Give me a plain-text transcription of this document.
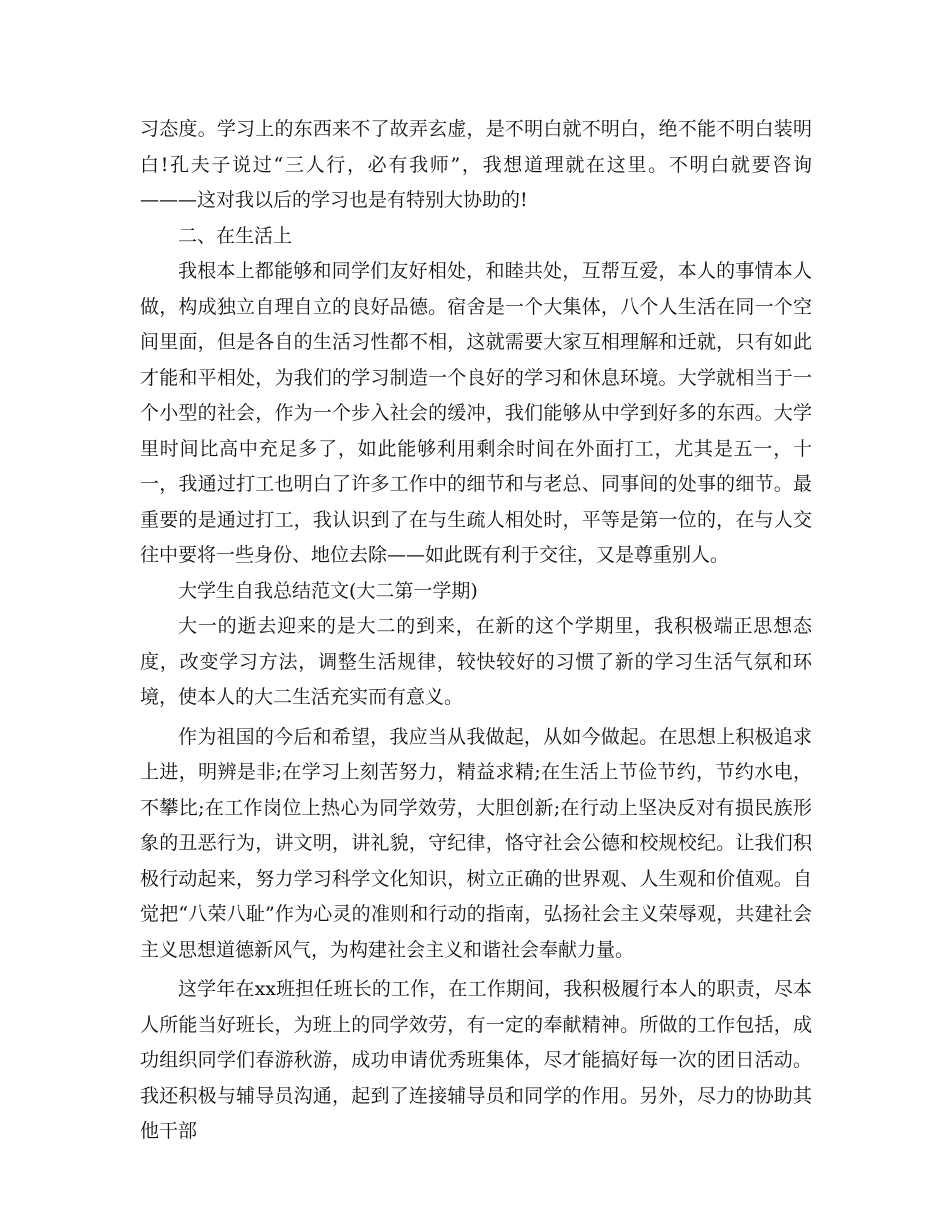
习态度。学习上的东西来不了故弄玄虚，是不明白就不明白，绝不能不明白装明白!孔夫子说过“三人行，必有我师”，我想道理就在这里。不明白就要咨询———这对我以后的学习也是有特别大协助的!

二、在生活上

我根本上都能够和同学们友好相处，和睦共处，互帮互爱，本人的事情本人做，构成独立自理自立的良好品德。宿舍是一个大集体，八个人生活在同一个空间里面，但是各自的生活习性都不相，这就需要大家互相理解和迁就，只有如此才能和平相处，为我们的学习制造一个良好的学习和休息环境。大学就相当于一个小型的社会，作为一个步入社会的缓冲，我们能够从中学到好多的东西。大学里时间比高中充足多了，如此能够利用剩余时间在外面打工，尤其是五一，十一，我通过打工也明白了许多工作中的细节和与老总、同事间的处事的细节。最重要的是通过打工，我认识到了在与生疏人相处时，平等是第一位的，在与人交往中要将一些身份、地位去除——如此既有利于交往，又是尊重别人。

大学生自我总结范文(大二第一学期)

大一的逝去迎来的是大二的到来，在新的这个学期里，我积极端正思想态度，改变学习方法，调整生活规律，较快较好的习惯了新的学习生活气氛和环境，使本人的大二生活充实而有意义。

作为祖国的今后和希望，我应当从我做起，从如今做起。在思想上积极追求上进，明辨是非;在学习上刻苦努力，精益求精;在生活上节俭节约，节约水电，不攀比;在工作岗位上热心为同学效劳，大胆创新;在行动上坚决反对有损民族形象的丑恶行为，讲文明，讲礼貌，守纪律，恪守社会公德和校规校纪。让我们积极行动起来，努力学习科学文化知识，树立正确的世界观、人生观和价值观。自觉把“八荣八耻”作为心灵的准则和行动的指南，弘扬社会主义荣辱观，共建社会主义思想道德新风气，为构建社会主义和谐社会奉献力量。

这学年在xx班担任班长的工作，在工作期间，我积极履行本人的职责，尽本人所能当好班长，为班上的同学效劳，有一定的奉献精神。所做的工作包括，成功组织同学们春游秋游，成功申请优秀班集体，尽才能搞好每一次的团日活动。我还积极与辅导员沟通，起到了连接辅导员和同学的作用。另外，尽力的协助其他干部
